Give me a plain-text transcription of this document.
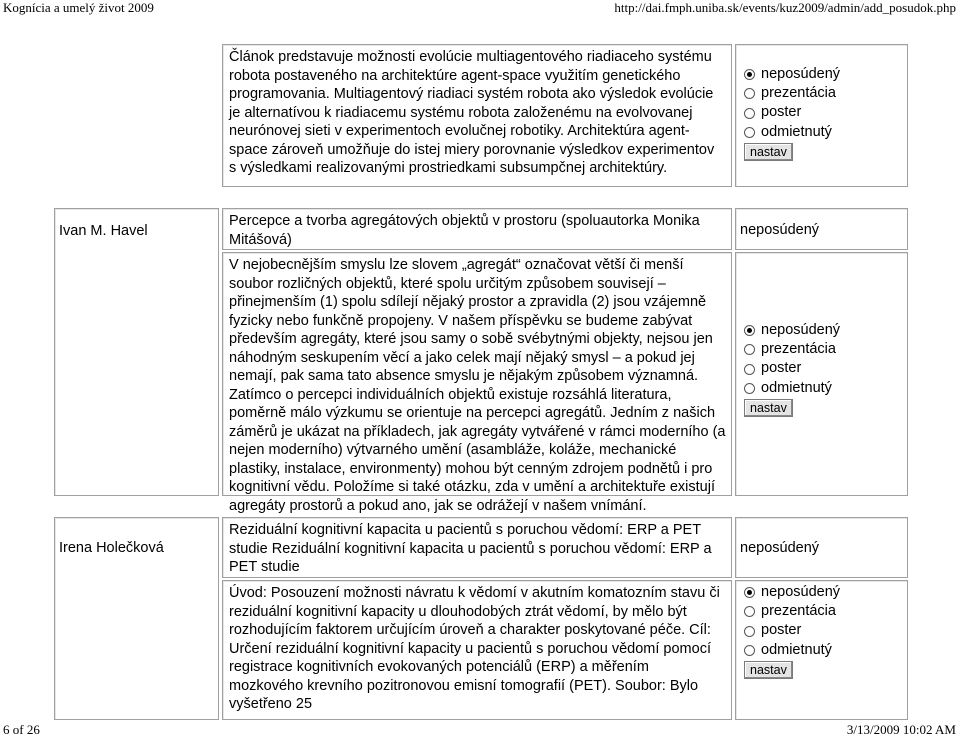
Kognícia a umelý život 2009	http://dai.fmph.uniba.sk/events/kuz2009/admin/add_posudok.php
Článok predstavuje možnosti evolúcie multiagentového riadiaceho systému robota postaveného na architektúre agent-space využitím genetického programovania. Multiagentový riadiaci systém robota ako výsledok evolúcie je alternatívou k riadiacemu systému robota založenému na evolvovanej neurónovej sieti v experimentoch evolučnej robotiky. Architektúra agent-space zároveň umožňuje do istej miery porovnanie výsledkov experimentov s výsledkami realizovanými prostriedkami subsumpčnej architektúry.
neposúdený
prezentácia
poster
odmietnutý
nastav
Ivan M. Havel
Percepce a tvorba agregátových objektů v prostoru (spoluautorka Monika Mitášová)
neposúdený
V nejobecnějším smyslu lze slovem „agregát“ označovat větší či menší soubor rozličných objektů, které spolu určitým způsobem souvisejí – přinejmenším (1) spolu sdílejí nějaký prostor a zpravidla (2) jsou vzájemně fyzicky nebo funkčně propojeny. V našem příspěvku se budeme zabývat především agregáty, které jsou samy o sobě svébytnými objekty, nejsou jen náhodným seskupením věcí a jako celek mají nějaký smysl – a pokud jej nemají, pak sama tato absence smyslu je nějakým způsobem významná. Zatímco o percepci individuálních objektů existuje rozsáhlá literatura, poměrně málo výzkumu se orientuje na percepci agregátů. Jedním z našich záměrů je ukázat na příkladech, jak agregáty vytvářené v rámci moderního (a nejen moderního) výtvarného umění (asambláže, koláže, mechanické plastiky, instalace, environmenty) mohou být cenným zdrojem podnětů i pro kognitivní vědu. Položíme si také otázku, zda v umění a architektuře existují agregáty prostorů a pokud ano, jak se odrážejí v našem vnímání.
neposúdený
prezentácia
poster
odmietnutý
nastav
Irena Holečková
Reziduální kognitivní kapacita u pacientů s poruchou vědomí: ERP a PET studie Reziduální kognitivní kapacita u pacientů s poruchou vědomí: ERP a PET studie
neposúdený
Úvod: Posouzení možnosti návratu k vědomí v akutním komatozním stavu či reziduální kognitivní kapacity u dlouhodobých ztrát vědomí, by mělo být rozhodujícím faktorem určujícím úroveň a charakter poskytované péče. Cíl: Určení reziduální kognitivní kapacity u pacientů s poruchou vědomí pomocí registrace kognitivních evokovaných potenciálů (ERP) a měřením mozkového krevního pozitronovou emisní tomografií (PET). Soubor: Bylo vyšetřeno 25
neposúdený
prezentácia
poster
odmietnutý
nastav
6 of 26	3/13/2009 10:02 AM
